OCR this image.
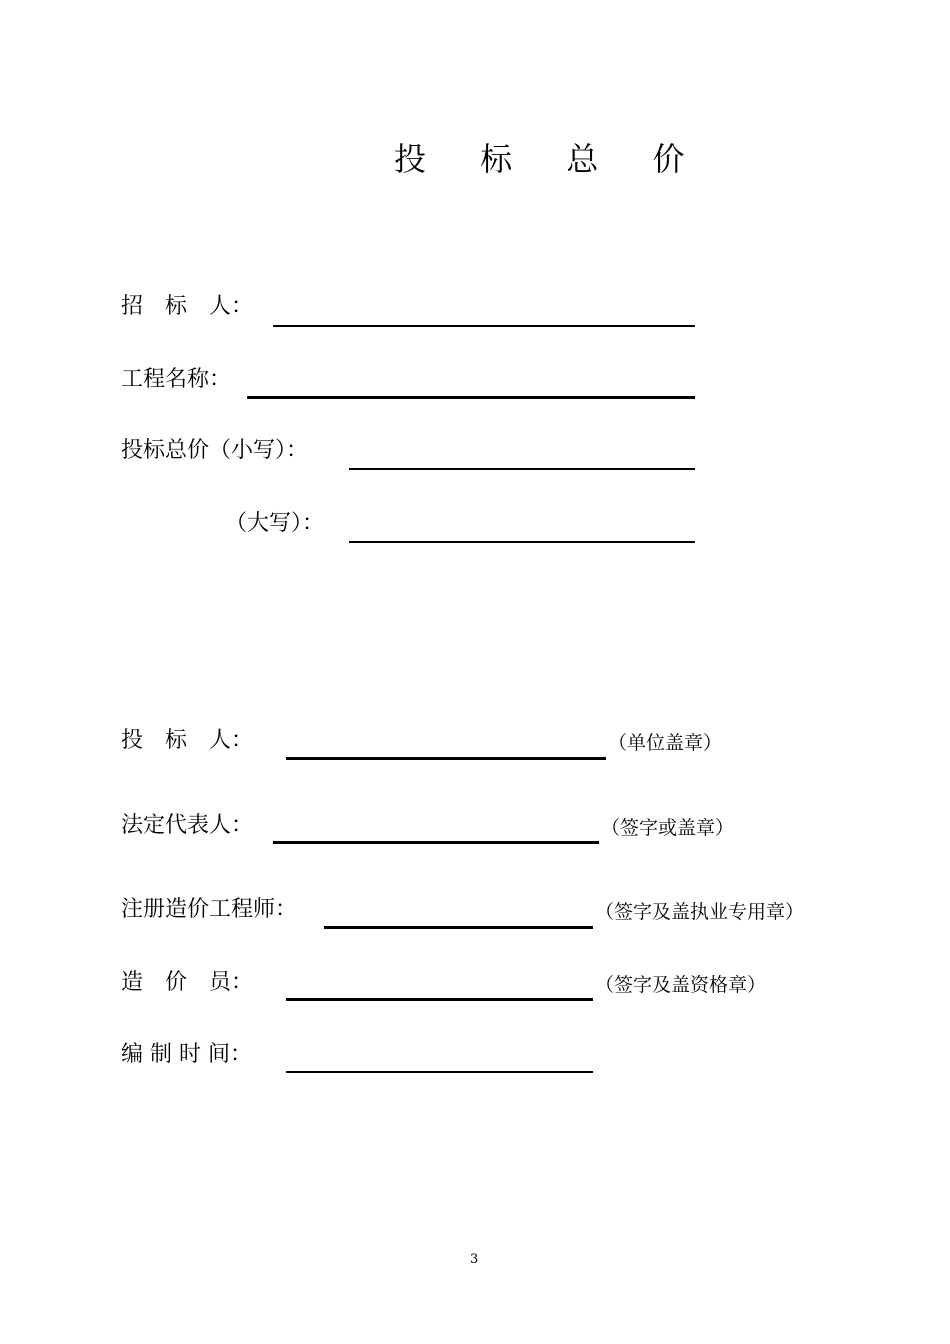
投 标 总 价
招　标　人：
工程名称：
投标总价（小写）：
（大写）：
投　标　人：	（单位盖章）
法定代表人：	（签字或盖章）
注册造价工程师：	（签字及盖执业专用章）
造　价　员：	（签字及盖资格章）
编 制 时 间：
3
